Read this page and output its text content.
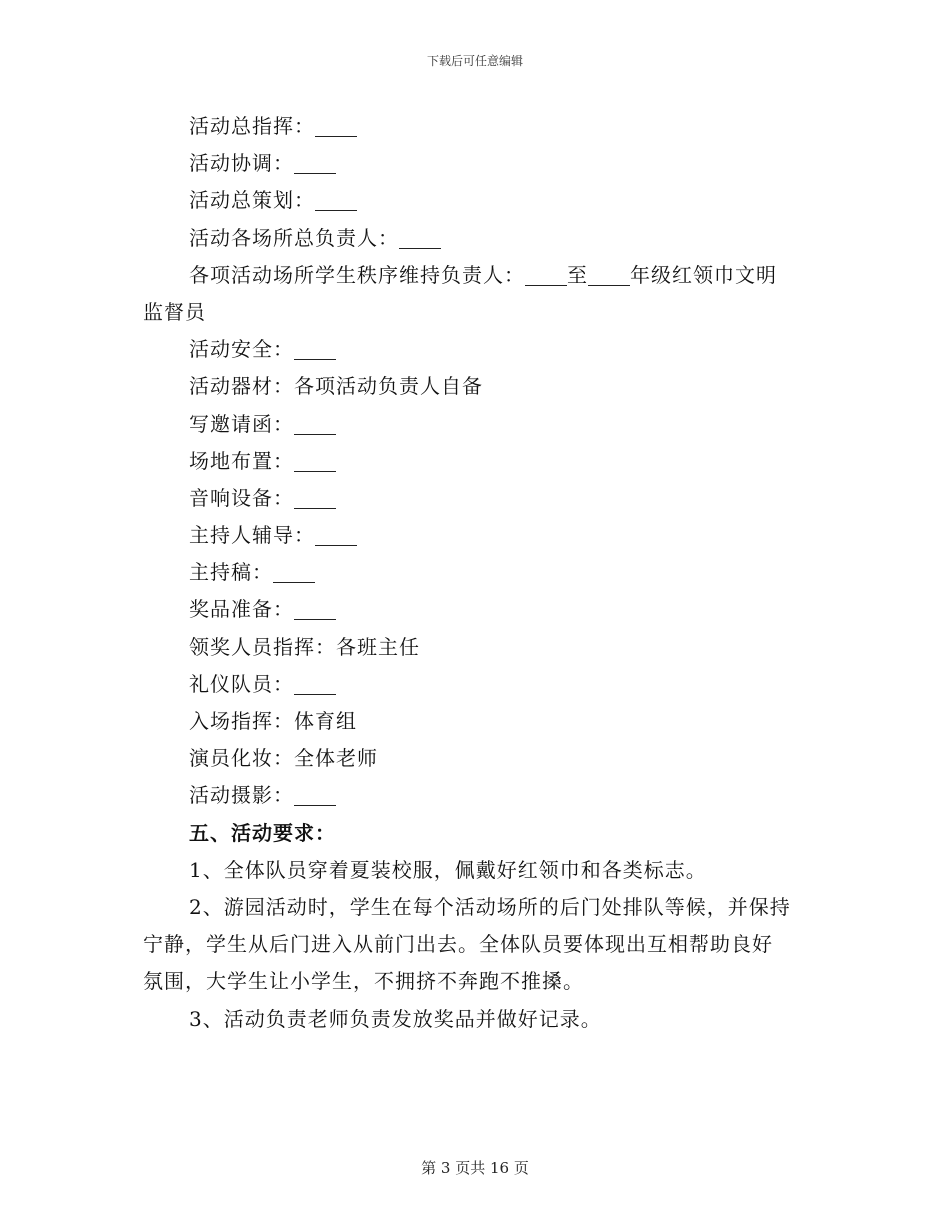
下载后可任意编辑
活动总指挥：
活动协调：
活动总策划：
活动各场所总负责人：
各项活动场所学生秩序维持负责人： 至 年级红领巾文明
监督员
活动安全：
活动器材：各项活动负责人自备
写邀请函：
场地布置：
音响设备：
主持人辅导：
主持稿：
奖品准备：
领奖人员指挥：各班主任
礼仪队员：
入场指挥：体育组
演员化妆：全体老师
活动摄影：
五、活动要求：
1、全体队员穿着夏装校服，佩戴好红领巾和各类标志。
2、游园活动时，学生在每个活动场所的后门处排队等候，并保持
宁静，学生从后门进入从前门出去。全体队员要体现出互相帮助良好
氛围，大学生让小学生，不拥挤不奔跑不推搡。
3、活动负责老师负责发放奖品并做好记录。
第 3 页共 16 页
